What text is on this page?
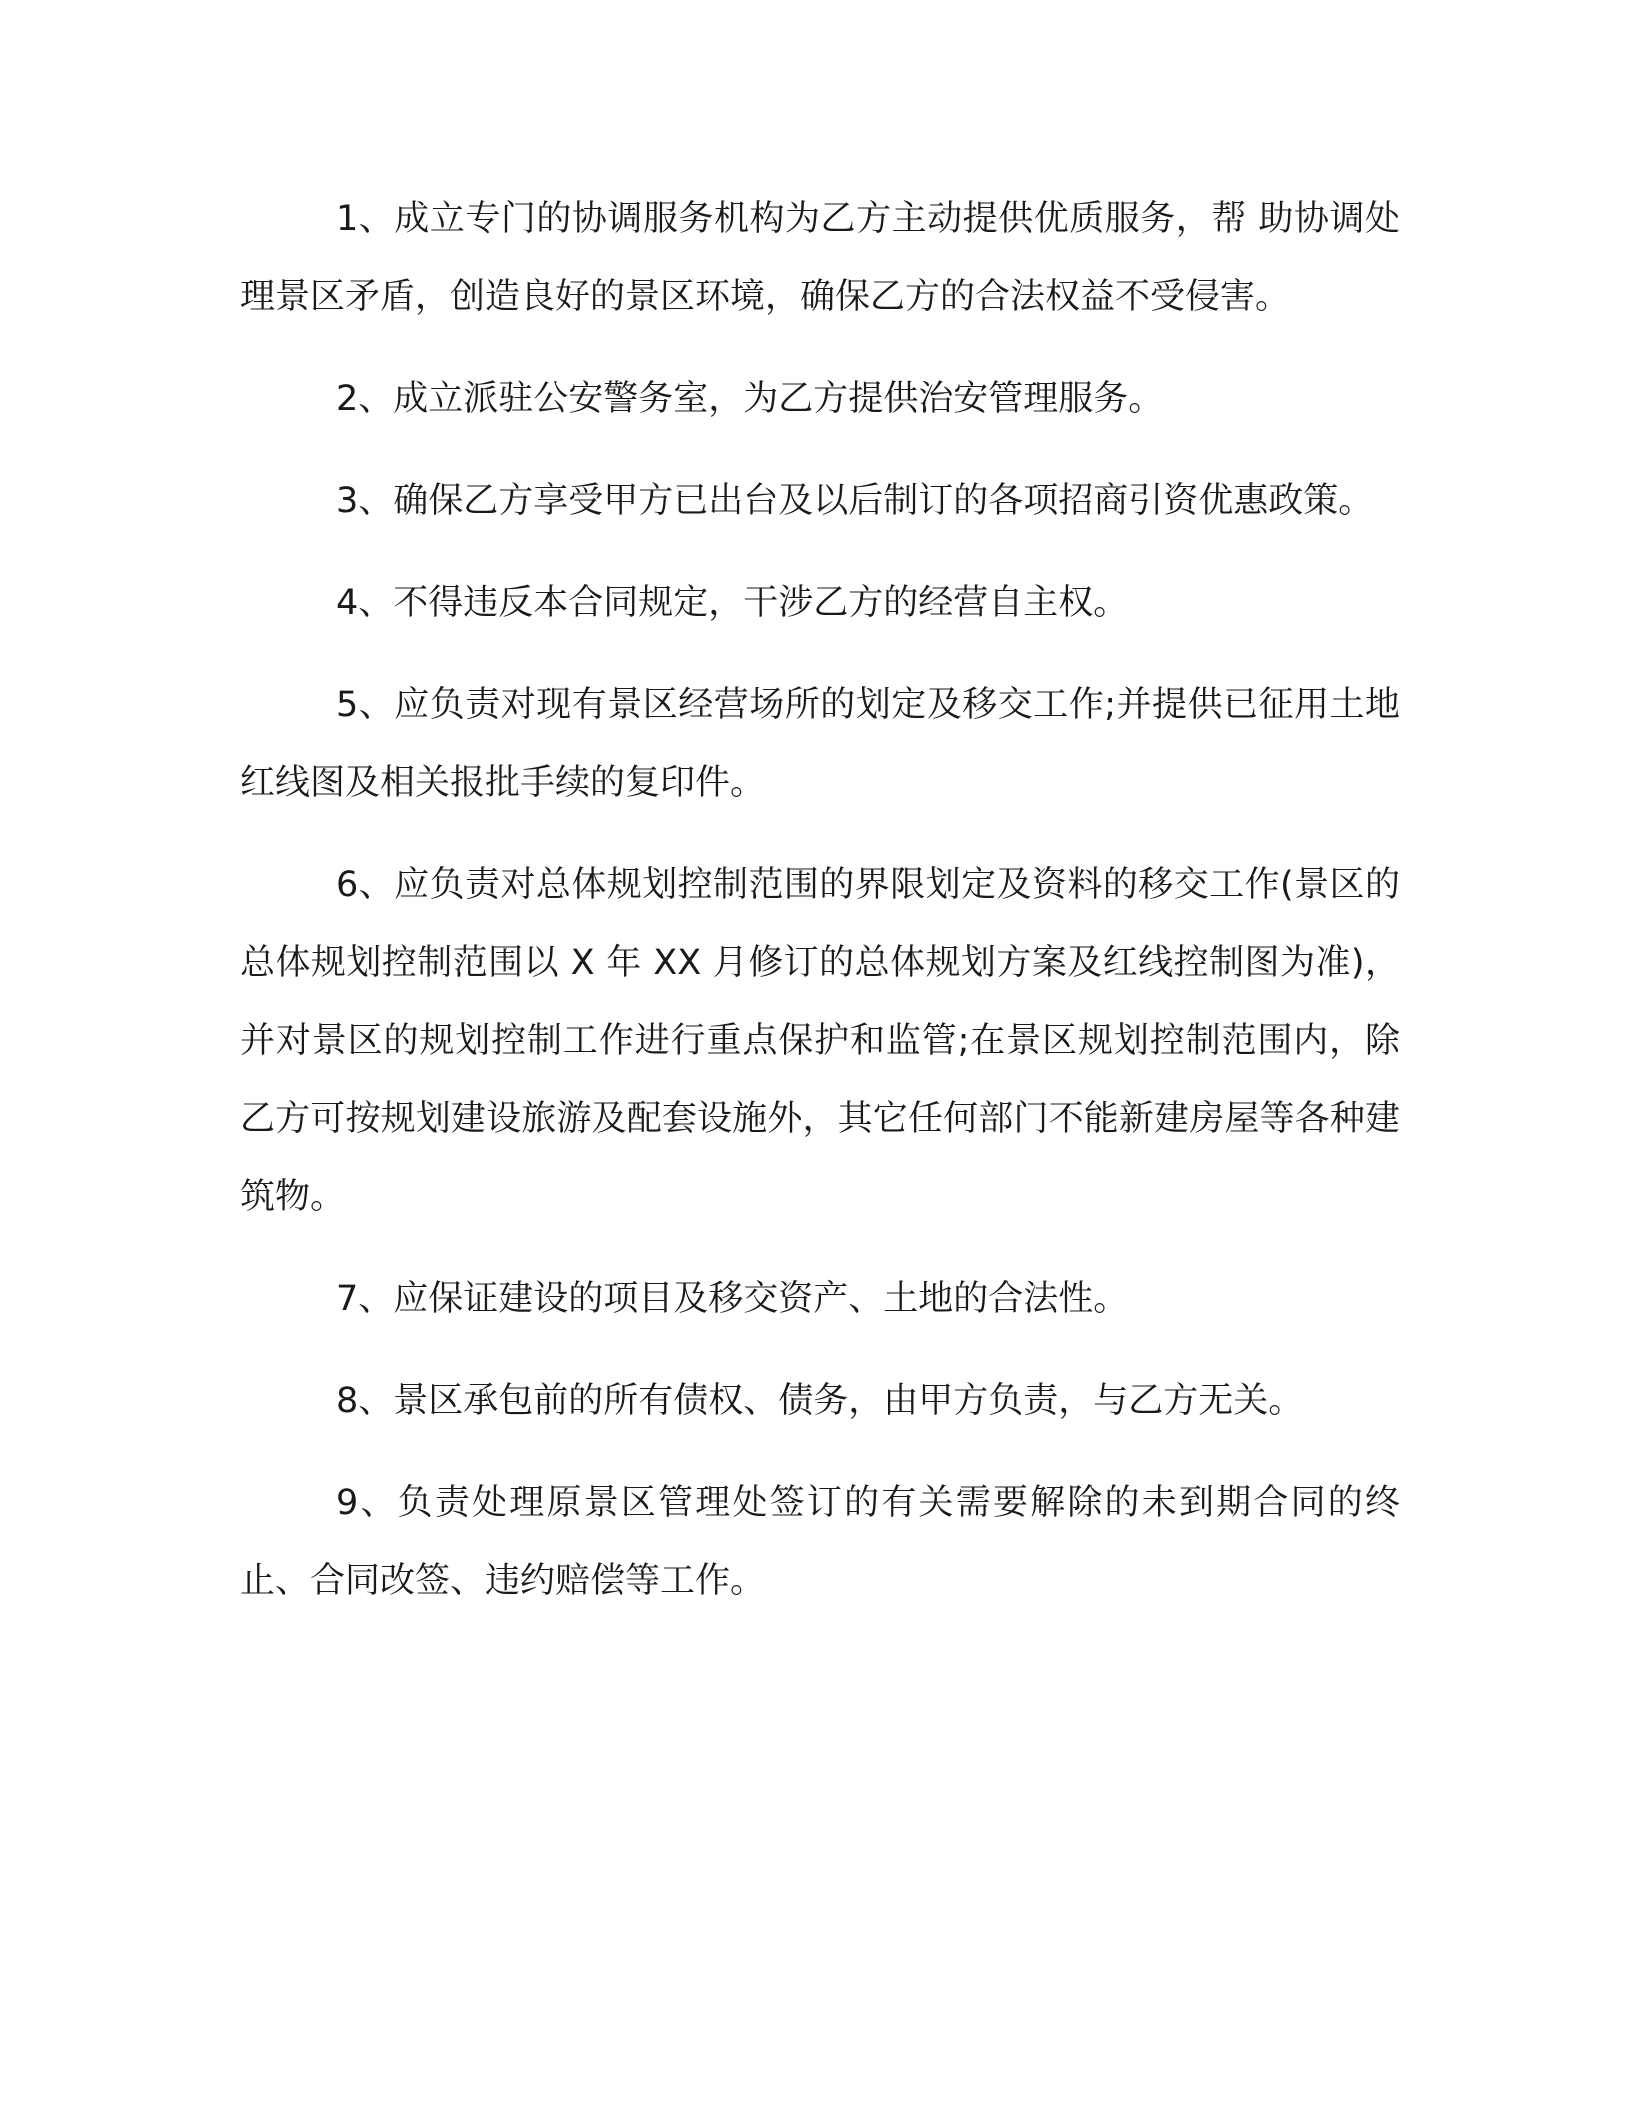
1、成立专门的协调服务机构为乙方主动提供优质服务，帮 助协调处理景区矛盾，创造良好的景区环境，确保乙方的合法权益不受侵害。

2、成立派驻公安警务室，为乙方提供治安管理服务。

3、确保乙方享受甲方已出台及以后制订的各项招商引资优惠政策。

4、不得违反本合同规定，干涉乙方的经营自主权。

5、应负责对现有景区经营场所的划定及移交工作;并提供已征用土地红线图及相关报批手续的复印件。

6、应负责对总体规划控制范围的界限划定及资料的移交工作(景区的总体规划控制范围以 X 年 XX 月修订的总体规划方案及红线控制图为准)，并对景区的规划控制工作进行重点保护和监管;在景区规划控制范围内，除乙方可按规划建设旅游及配套设施外，其它任何部门不能新建房屋等各种建筑物。

7、应保证建设的项目及移交资产、土地的合法性。

8、景区承包前的所有债权、债务，由甲方负责，与乙方无关。

9、负责处理原景区管理处签订的有关需要解除的未到期合同的终止、合同改签、违约赔偿等工作。
